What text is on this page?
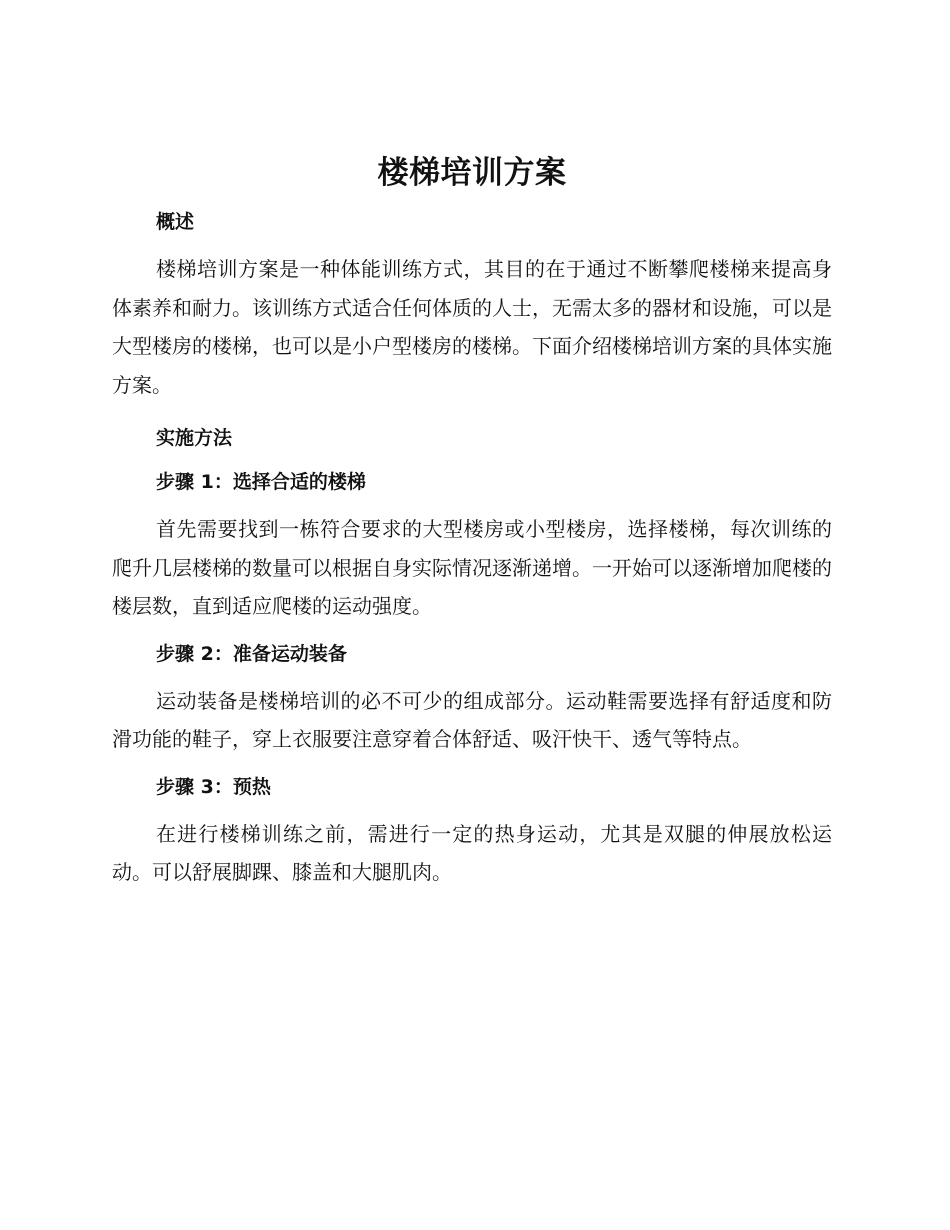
楼梯培训方案
概述

楼梯培训方案是一种体能训练方式，其目的在于通过不断攀爬楼梯来提高身体素养和耐力。该训练方式适合任何体质的人士，无需太多的器材和设施，可以是大型楼房的楼梯，也可以是小户型楼房的楼梯。下面介绍楼梯培训方案的具体实施方案。

实施方法
步骤 1：选择合适的楼梯

首先需要找到一栋符合要求的大型楼房或小型楼房，选择楼梯，每次训练的爬升几层楼梯的数量可以根据自身实际情况逐渐递增。一开始可以逐渐增加爬楼的楼层数，直到适应爬楼的运动强度。

步骤 2：准备运动装备

运动装备是楼梯培训的必不可少的组成部分。运动鞋需要选择有舒适度和防滑功能的鞋子，穿上衣服要注意穿着合体舒适、吸汗快干、透气等特点。

步骤 3：预热

在进行楼梯训练之前，需进行一定的热身运动，尤其是双腿的伸展放松运动。可以舒展脚踝、膝盖和大腿肌肉。
